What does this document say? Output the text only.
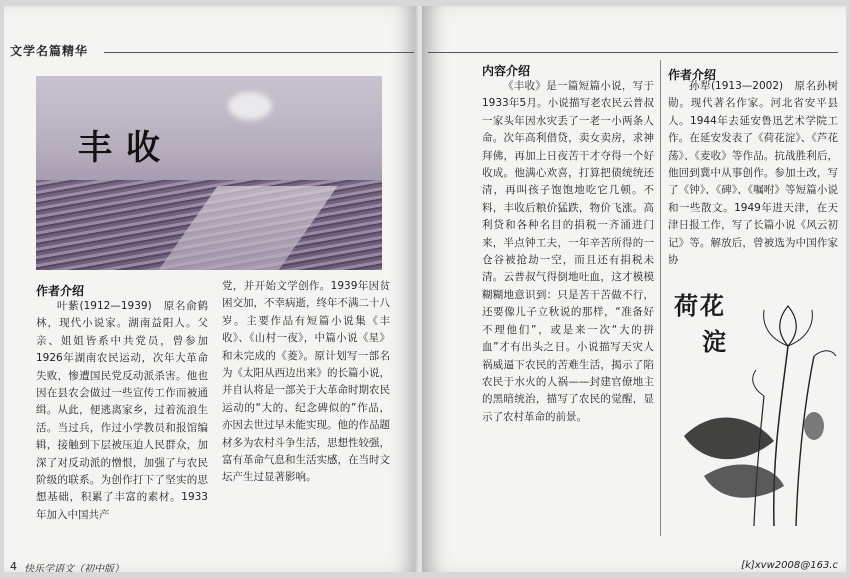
文学名篇精华
丰收
作者介绍

叶紫(1912—1939)　原名俞鹤林，现代小说家。湖南益阳人。父亲、姐姐皆系中共党员，曾参加1926年湖南农民运动，次年大革命失败，惨遭国民党反动派杀害。他也因在县农会做过一些宣传工作而被通缉。从此，便逃离家乡，过着流浪生活。当过兵，作过小学教员和报馆编辑，接触到下层被压迫人民群众，加深了对反动派的憎恨，加强了与农民阶级的联系。为创作打下了坚实的思想基础，积累了丰富的素材。1933年加入中国共产

党，并开始文学创作。1939年因贫困交加，不幸病逝，终年不满二十八岁。主要作品有短篇小说集《丰收》、《山村一夜》，中篇小说《星》和未完成的《菱》。原计划写一部名为《太阳从西边出来》的长篇小说，并自认将是一部关于大革命时期农民运动的“大的、纪念碑似的”作品，亦因去世过早未能实现。他的作品题材多为农村斗争生活，思想性较强，富有革命气息和生活实感，在当时文坛产生过显著影响。

4 快乐学语文（初中版）
内容介绍

《丰收》是一篇短篇小说，写于1933年5月。小说描写老农民云普叔一家头年因水灾丢了一老一小两条人命。次年高利借贷，卖女卖房，求神拜佛，再加上日夜苦干才夺得一个好收成。他满心欢喜，打算把债统统还清，再叫孩子饱饱地吃它几顿。不料，丰收后粮价猛跌，物价飞涨。高利贷和各种名目的捐税一齐涌进门来，半点钟工夫，一年辛苦所得的一仓谷被抢劫一空，而且还有捐税未清。云普叔气得倒地吐血，这才模模糊糊地意识到：只是苦干苦做不行，还要像儿子立秋说的那样，“准备好不理他们”，或是来一次“大的拼血”才有出头之日。小说描写天灾人祸威逼下农民的苦难生活，揭示了陷农民于水火的人祸——封建官僚地主的黑暗统治，描写了农民的觉醒，显示了农村革命的前景。

作者介绍

孙犁(1913—2002)　原名孙树勋。现代著名作家。河北省安平县人。1944年去延安鲁迅艺术学院工作。在延安发表了《荷花淀》、《芦花荡》、《麦收》等作品。抗战胜利后，他回到冀中从事创作。参加土改，写了《钟》、《碑》、《嘱咐》等短篇小说和一些散文。1949年进天津，在天津日报工作，写了长篇小说《风云初记》等。解放后，曾被选为中国作家协

荷花
淀
[k]xvw2008@163.c
